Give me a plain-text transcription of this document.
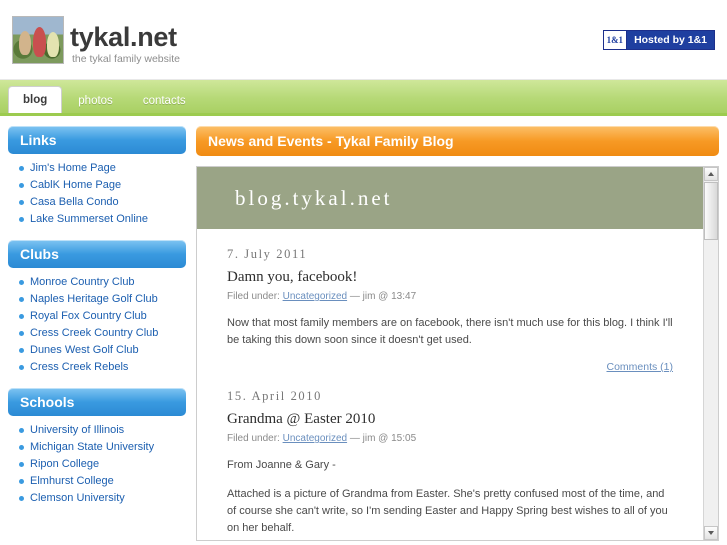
tykal.net
the tykal family website
1&1	Hosted by 1&1
blog	photos	contacts
Links
Jim's Home Page
CablK Home Page
Casa Bella Condo
Lake Summerset Online
Clubs
Monroe Country Club
Naples Heritage Golf Club
Royal Fox Country Club
Cress Creek Country Club
Dunes West Golf Club
Cress Creek Rebels
Schools
University of Illinois
Michigan State University
Ripon College
Elmhurst College
Clemson University
News and Events - Tykal Family Blog
blog.tykal.net
7. July 2011
Damn you, facebook!
Filed under: Uncategorized — jim @ 13:47

Now that most family members are on facebook, there isn't much use for this blog. I think I'll be taking this down soon since it doesn't get used.

Comments (1)
15. April 2010
Grandma @ Easter 2010
Filed under: Uncategorized — jim @ 15:05

From Joanne & Gary -

Attached is a picture of Grandma from Easter. She's pretty confused most of the time, and of course she can't write, so I'm sending Easter and Happy Spring best wishes to all of you on her behalf.
